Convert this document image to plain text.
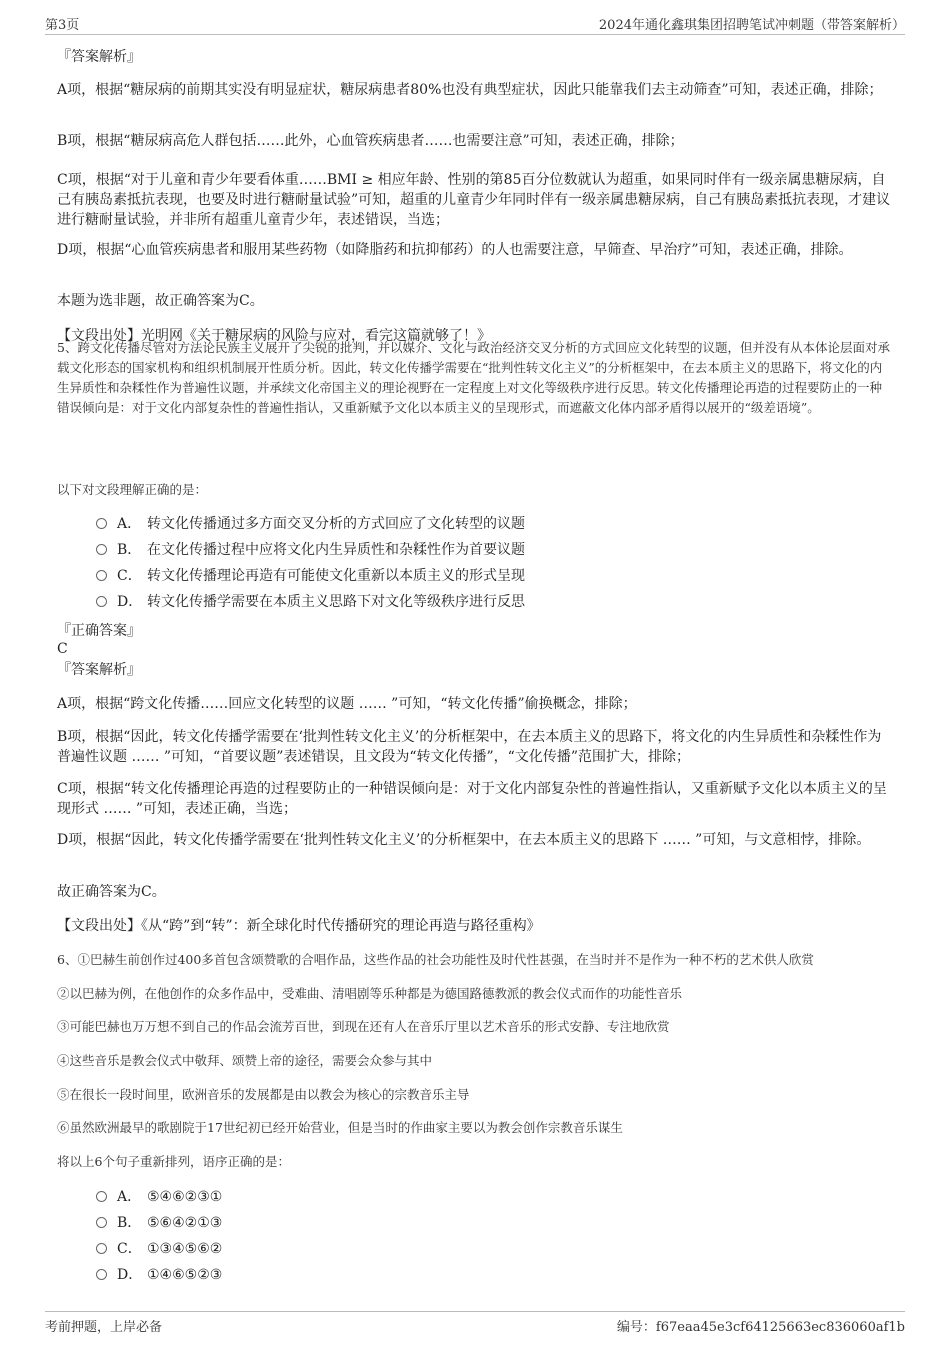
第3页	2024年通化鑫琪集团招聘笔试冲刺题（带答案解析）
『答案解析』
A项，根据“糖尿病的前期其实没有明显症状，糖尿病患者80%也没有典型症状，因此只能靠我们去主动筛查”可知，表述正确，排除；
B项，根据“糖尿病高危人群包括……此外，心血管疾病患者……也需要注意”可知，表述正确，排除；
C项，根据“对于儿童和青少年要看体重……BMI ≥ 相应年龄、性别的第85百分位数就认为超重，如果同时伴有一级亲属患糖尿病，自己有胰岛素抵抗表现，也要及时进行糖耐量试验”可知，超重的儿童青少年同时伴有一级亲属患糖尿病，自己有胰岛素抵抗表现，才建议进行糖耐量试验，并非所有超重儿童青少年，表述错误，当选；
D项，根据“心血管疾病患者和服用某些药物（如降脂药和抗抑郁药）的人也需要注意，早筛查、早治疗”可知，表述正确，排除。
本题为选非题，故正确答案为C。
【文段出处】光明网《关于糖尿病的风险与应对，看完这篇就够了！》
5、跨文化传播尽管对方法论民族主义展开了尖锐的批判，并以媒介、文化与政治经济交叉分析的方式回应文化转型的议题，但并没有从本体论层面对承载文化形态的国家机构和组织机制展开性质分析。因此，转文化传播学需要在“批判性转文化主义”的分析框架中，在去本质主义的思路下，将文化的内生异质性和杂糅性作为普遍性议题，并承续文化帝国主义的理论视野在一定程度上对文化等级秩序进行反思。转文化传播理论再造的过程要防止的一种错误倾向是：对于文化内部复杂性的普遍性指认，又重新赋予文化以本质主义的呈现形式，而遮蔽文化体内部矛盾得以展开的“级差语境”。
以下对文段理解正确的是：
A． 转文化传播通过多方面交叉分析的方式回应了文化转型的议题
B． 在文化传播过程中应将文化内生异质性和杂糅性作为首要议题
C． 转文化传播理论再造有可能使文化重新以本质主义的形式呈现
D． 转文化传播学需要在本质主义思路下对文化等级秩序进行反思
『正确答案』
C
『答案解析』
A项，根据“跨文化传播……回应文化转型的议题 …… ”可知，“转文化传播”偷换概念，排除；
B项，根据“因此，转文化传播学需要在‘批判性转文化主义’的分析框架中，在去本质主义的思路下，将文化的内生异质性和杂糅性作为普遍性议题 …… ”可知，“首要议题”表述错误，且文段为“转文化传播”，“文化传播”范围扩大，排除；
C项，根据“转文化传播理论再造的过程要防止的一种错误倾向是：对于文化内部复杂性的普遍性指认，又重新赋予文化以本质主义的呈现形式 …… ”可知，表述正确，当选；
D项，根据“因此，转文化传播学需要在‘批判性转文化主义’的分析框架中，在去本质主义的思路下 …… ”可知，与文意相悖，排除。
故正确答案为C。
【文段出处】《从“跨”到“转”：新全球化时代传播研究的理论再造与路径重构》
6、①巴赫生前创作过400多首包含颂赞歌的合唱作品，这些作品的社会功能性及时代性甚强，在当时并不是作为一种不朽的艺术供人欣赏
②以巴赫为例，在他创作的众多作品中，受难曲、清唱剧等乐种都是为德国路德教派的教会仪式而作的功能性音乐
③可能巴赫也万万想不到自己的作品会流芳百世，到现在还有人在音乐厅里以艺术音乐的形式安静、专注地欣赏
④这些音乐是教会仪式中敬拜、颂赞上帝的途径，需要会众参与其中
⑤在很长一段时间里，欧洲音乐的发展都是由以教会为核心的宗教音乐主导
⑥虽然欧洲最早的歌剧院于17世纪初已经开始营业，但是当时的作曲家主要以为教会创作宗教音乐谋生
将以上6个句子重新排列，语序正确的是：
A． ⑤④⑥②③①
B． ⑤⑥④②①③
C． ①③④⑤⑥②
D． ①④⑥⑤②③
考前押题，上岸必备	编号：f67eaa45e3cf64125663ec836060af1b
